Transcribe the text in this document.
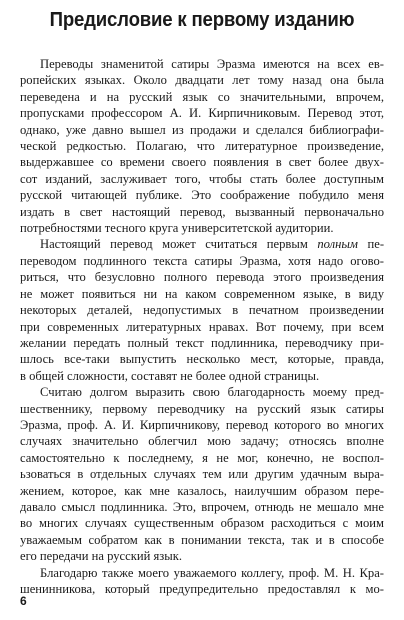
Предисловие к первому изданию

Переводы знаменитой сатиры Эразма имеются на всех ев-
ропейских языках. Около двадцати лет тому назад она была
переведена и на русский язык со значительными, впрочем,
пропусками профессором А. И. Кирпичниковым. Перевод этот,
однако, уже давно вышел из продажи и сделался библиографи-
ческой редкостью. Полагаю, что литературное произведение,
выдержавшее со времени своего появления в свет более двух-
сот изданий, заслуживает того, чтобы стать более доступным
русской читающей публике. Это соображение побудило меня
издать в свет настоящий перевод, вызванный первоначально
потребностями тесного круга университетской аудитории.

Настоящий перевод может считаться первым полным пе-
переводом подлинного текста сатиры Эразма, хотя надо огово-
риться, что безусловно полного перевода этого произведения
не может появиться ни на каком современном языке, в виду
некоторых деталей, недопустимых в печатном произведении
при современных литературных нравах. Вот почему, при всем
желании передать полный текст подлинника, переводчику при-
шлось все-таки выпустить несколько мест, которые, правда,
в общей сложности, составят не более одной страницы.

Считаю долгом выразить свою благодарность моему пред-
шественнику, первому переводчику на русский язык сатиры
Эразма, проф. А. И. Кирпичникову, перевод которого во многих
случаях значительно облегчил мою задачу; относясь вполне
самостоятельно к последнему, я не мог, конечно, не воспол-
ьзоваться в отдельных случаях тем или другим удачным выра-
жением, которое, как мне казалось, наилучшим образом пере-
давало смысл подлинника. Это, впрочем, отнюдь не мешало мне
во многих случаях существенным образом расходиться с моим
уважаемым собратом как в понимании текста, так и в способе
его передачи на русский язык.

Благодарю также моего уважаемого коллегу, проф. М. Н. Кра-
шенинникова, который предупредительно предоставлял к мо-

6
